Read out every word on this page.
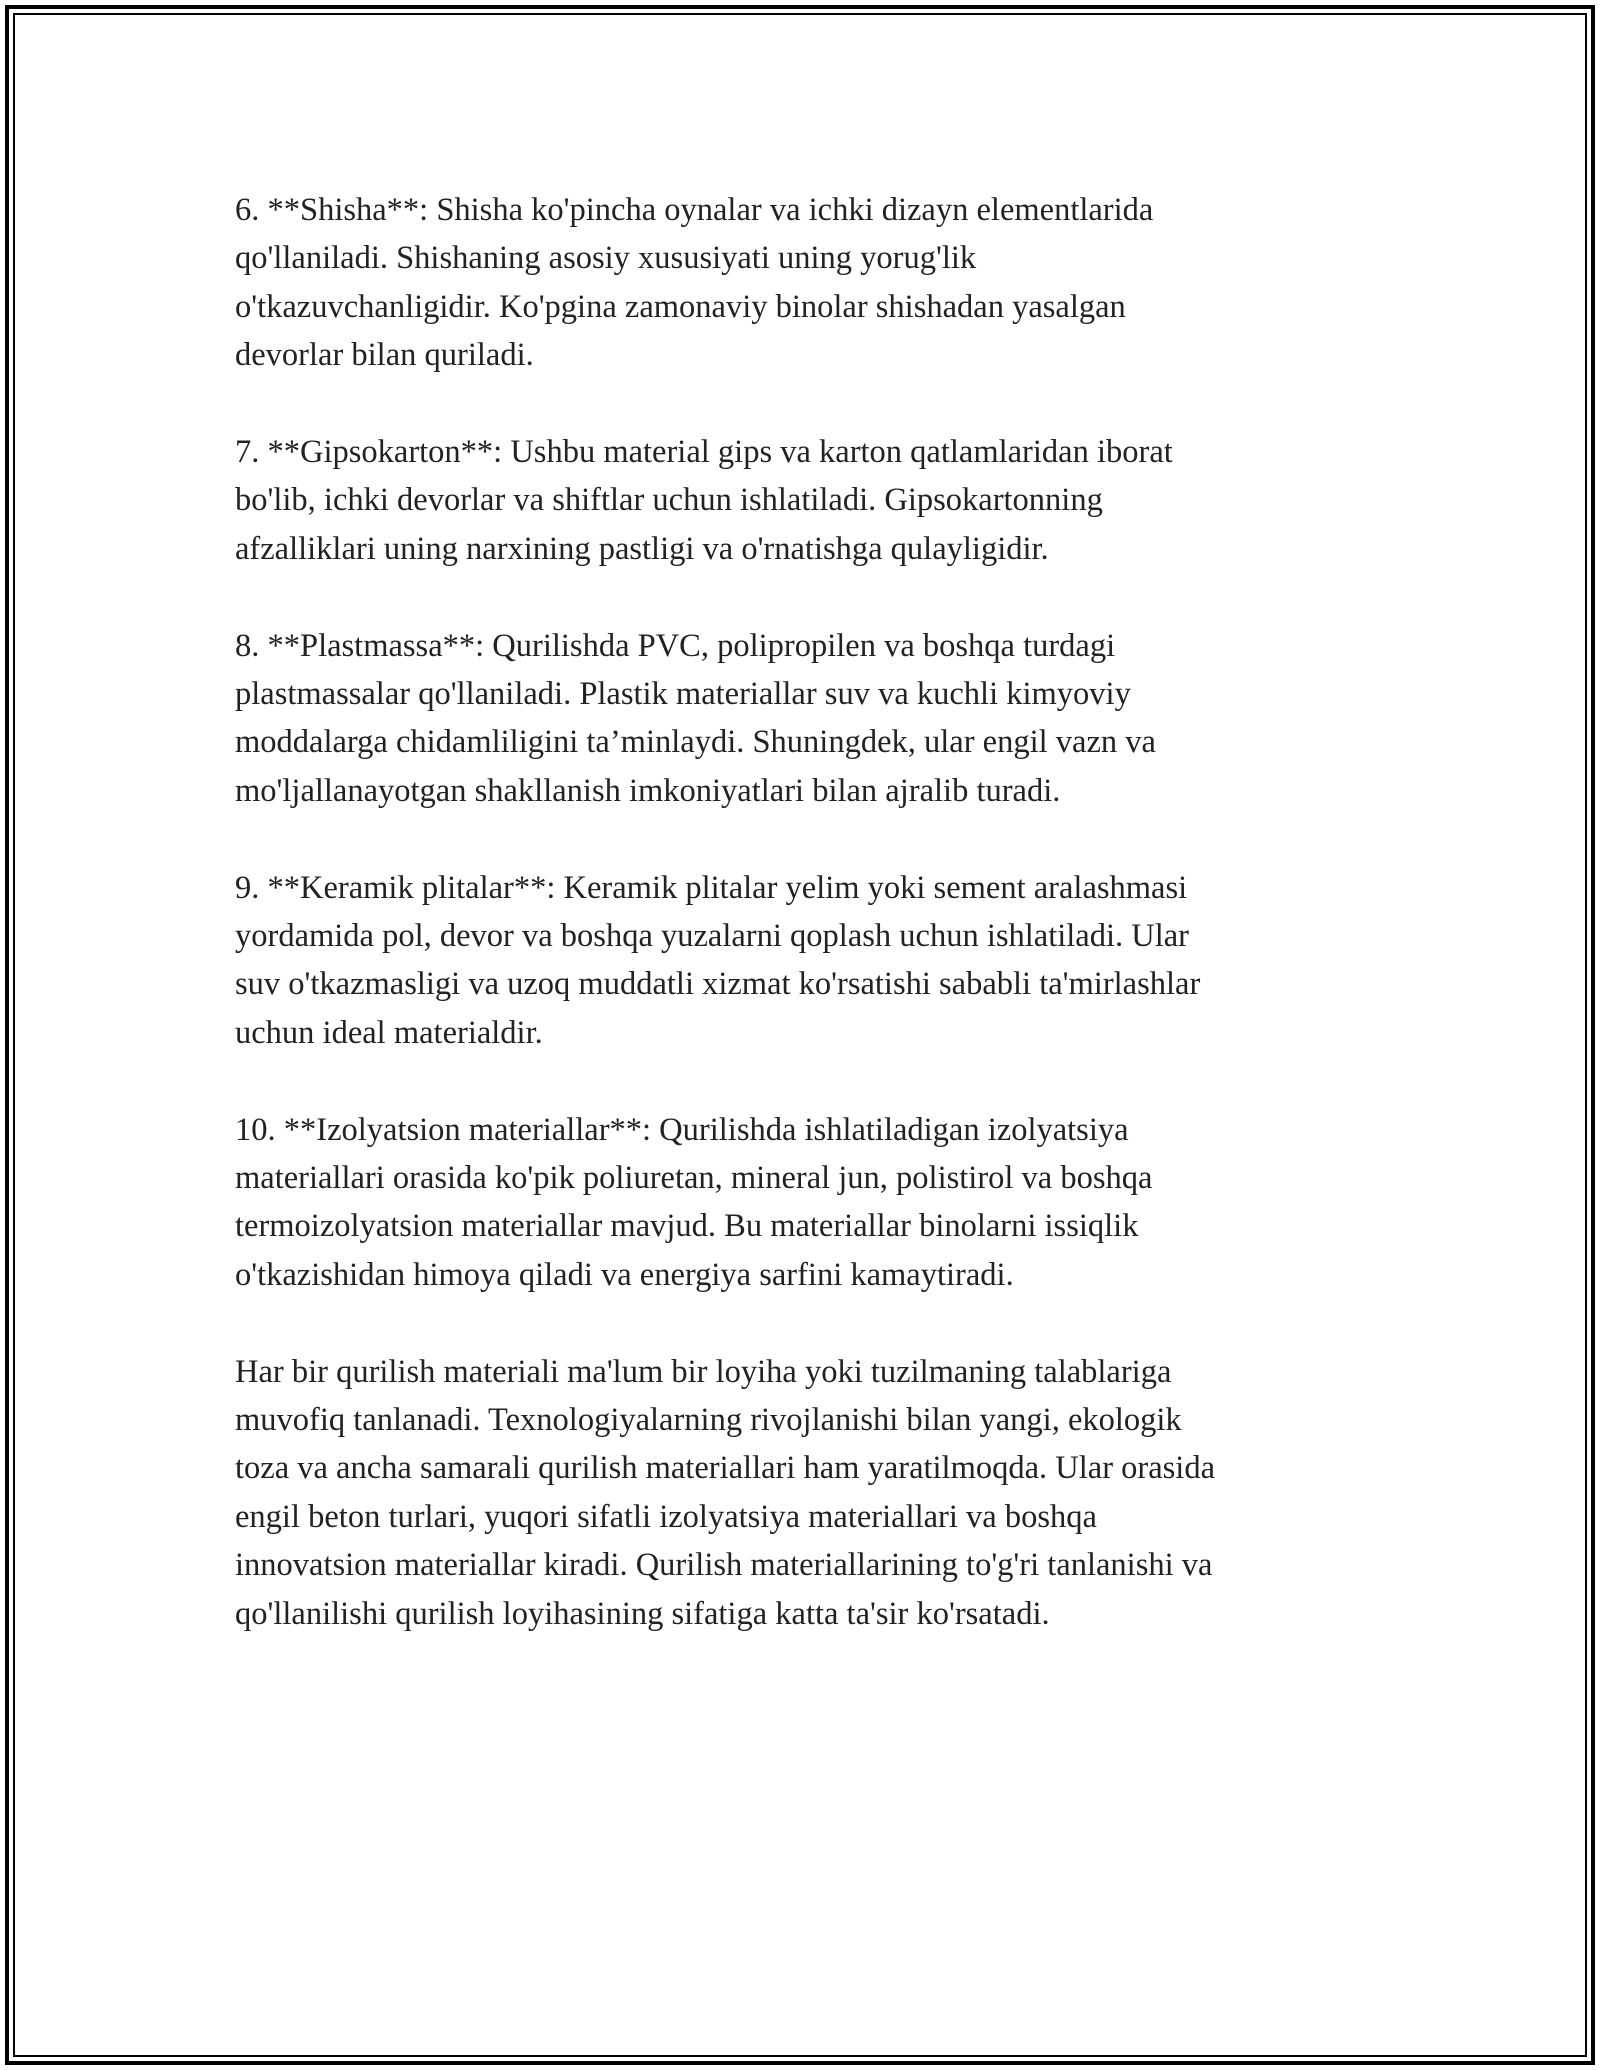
6. **Shisha**: Shisha ko'pincha oynalar va ichki dizayn elementlarida
qo'llaniladi. Shishaning asosiy xususiyati uning yorug'lik
o'tkazuvchanligidir. Ko'pgina zamonaviy binolar shishadan yasalgan
devorlar bilan quriladi.

7. **Gipsokarton**: Ushbu material gips va karton qatlamlaridan iborat
bo'lib, ichki devorlar va shiftlar uchun ishlatiladi. Gipsokartonning
afzalliklari uning narxining pastligi va o'rnatishga qulayligidir.

8. **Plastmassa**: Qurilishda PVC, polipropilen va boshqa turdagi
plastmassalar qo'llaniladi. Plastik materiallar suv va kuchli kimyoviy
moddalarga chidamliligini ta’minlaydi. Shuningdek, ular engil vazn va
mo'ljallanayotgan shakllanish imkoniyatlari bilan ajralib turadi.

9. **Keramik plitalar**: Keramik plitalar yelim yoki sement aralashmasi
yordamida pol, devor va boshqa yuzalarni qoplash uchun ishlatiladi. Ular
suv o'tkazmasligi va uzoq muddatli xizmat ko'rsatishi sababli ta'mirlashlar
uchun ideal materialdir.

10. **Izolyatsion materiallar**: Qurilishda ishlatiladigan izolyatsiya
materiallari orasida ko'pik poliuretan, mineral jun, polistirol va boshqa
termoizolyatsion materiallar mavjud. Bu materiallar binolarni issiqlik
o'tkazishidan himoya qiladi va energiya sarfini kamaytiradi.

Har bir qurilish materiali ma'lum bir loyiha yoki tuzilmaning talablariga
muvofiq tanlanadi. Texnologiyalarning rivojlanishi bilan yangi, ekologik
toza va ancha samarali qurilish materiallari ham yaratilmoqda. Ular orasida
engil beton turlari, yuqori sifatli izolyatsiya materiallari va boshqa
innovatsion materiallar kiradi. Qurilish materiallarining to'g'ri tanlanishi va
qo'llanilishi qurilish loyihasining sifatiga katta ta'sir ko'rsatadi.
